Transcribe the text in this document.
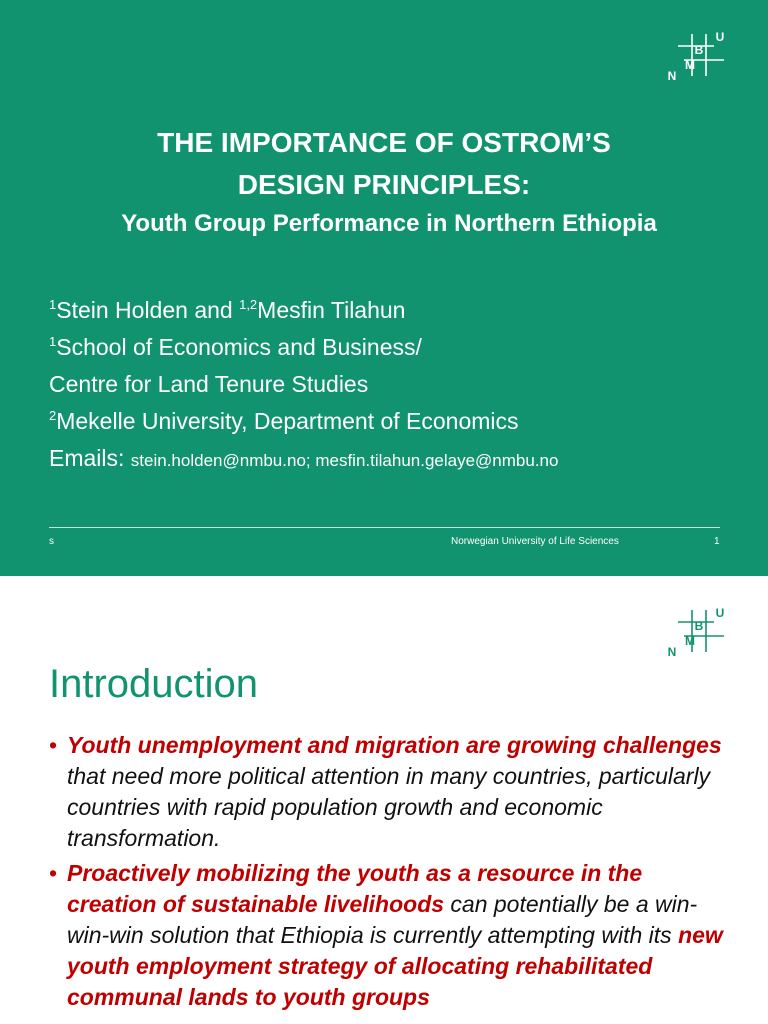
B
U
M
N
THE IMPORTANCE OF OSTROM’S
DESIGN PRINCIPLES:
Youth Group Performance in Northern Ethiopia
$^1$Stein Holden and $^{1,2}$Mesfin Tilahun
$^1$School of Economics and Business/
Centre for Land Tenure Studies
$^2$Mekelle University, Department of Economics
Emails: stein.holden@nmbu.no; mesfin.tilahun.gelaye@nmbu.no
s	Norwegian University of Life Sciences	1
B
U
M
N
Introduction
• Youth unemployment and migration are growing challenges that need more political attention in many countries, particularly countries with rapid population growth and economic transformation.
• Proactively mobilizing the youth as a resource in the creation of sustainable livelihoods can potentially be a win-win-win solution that Ethiopia is currently attempting with its new youth employment strategy of allocating rehabilitated communal lands to youth groups
